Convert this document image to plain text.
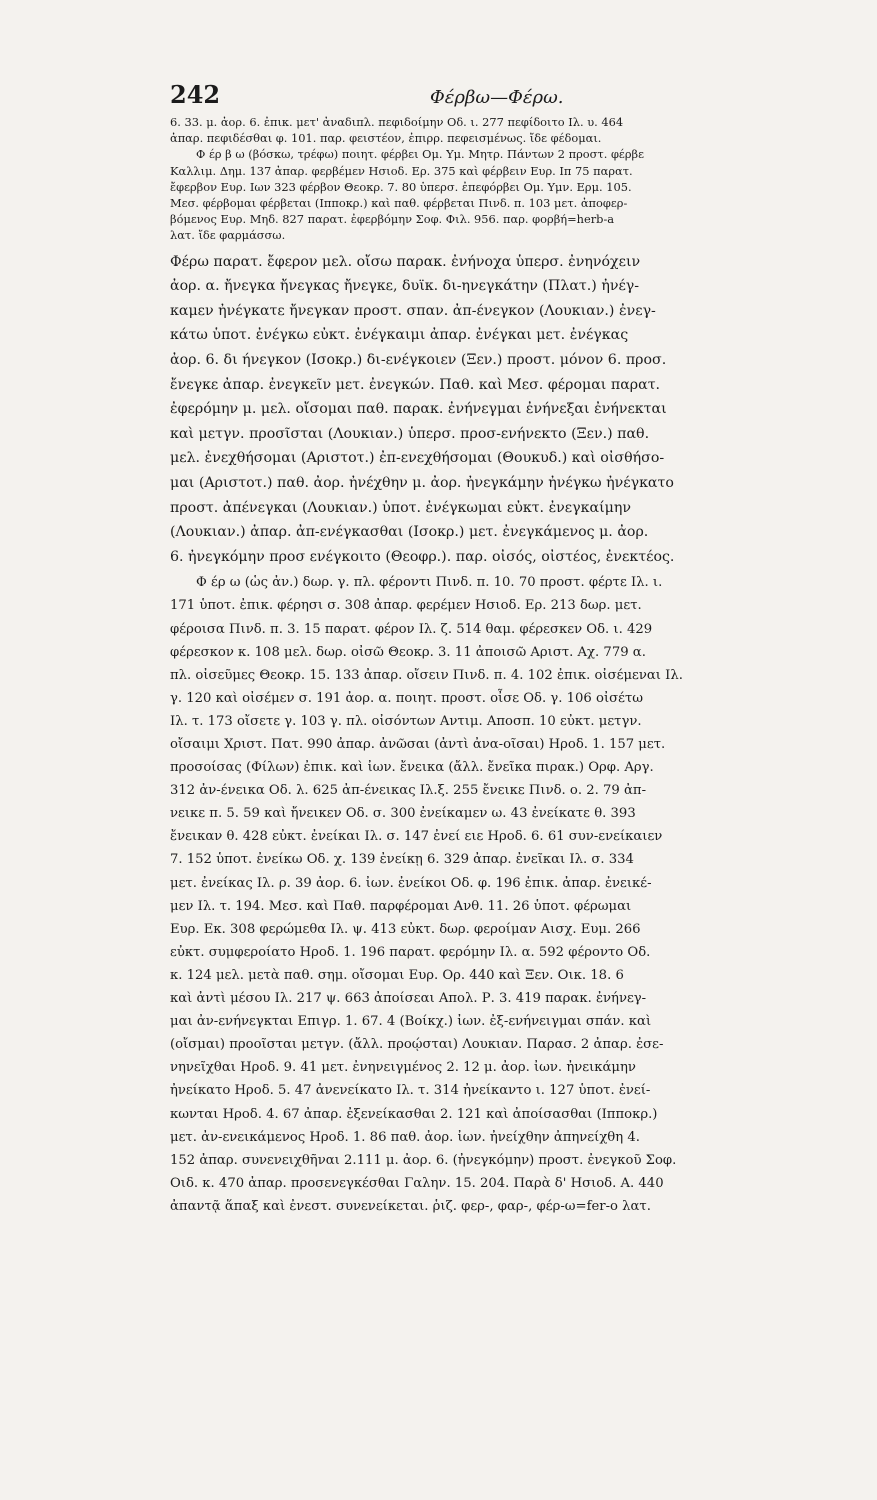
242	Φέρβω—Φέρω.
6. 33. μ. ἀορ. 6. ἐπικ. μετ' ἀναδιπλ. πεφιδοίμην Οδ. ι. 277 πεφίδοιτο Ιλ. υ. 464
ἀπαρ. πεφιδέσθαι φ. 101. παρ. φειστέον, ἐπιρρ. πεφεισμένως. ἴδε φέδομαι.
Φ έρ β ω (βόσκω, τρέφω) ποιητ. φέρβει Ομ. Υμ. Μητρ. Πάντων 2 προστ. φέρβε
Καλλιμ. Δημ. 137 ἀπαρ. φερβέμεν Ησιοδ. Ερ. 375 καὶ φέρβειν Ευρ. Ιπ 75 παρατ.
ἔφερβον Ευρ. Ιων 323 φέρβον Θεοκρ. 7. 80 ὑπερσ. ἐπεφόρβει Ομ. Υμν. Ερμ. 105.
Μεσ. φέρβομαι φέρβεται (Ιπποκρ.) καὶ παθ. φέρβεται Πινδ. π. 103 μετ. ἀποφερ-
βόμενος Ευρ. Μηδ. 827 παρατ. ἐφερβόμην Σοφ. Φιλ. 956. παρ. φορβή=herb-a
λατ. ἴδε φαρμάσσω.
Φέρω παρατ. ἔφερον μελ. οἴσω παρακ. ἐνήνοχα ὑπερσ. ἐνηνόχειν
ἀορ. α. ἤνεγκα ἤνεγκας ἤνεγκε, δυϊκ. δι-ηνεγκάτην (Πλατ.) ἠνέγ-
καμεν ἠνέγκατε ἤνεγκαν προστ. σπαν. ἀπ-ένεγκον (Λουκιαν.) ἐνεγ-
κάτω ὑποτ. ἐνέγκω εὐκτ. ἐνέγκαιμι ἀπαρ. ἐνέγκαι μετ. ἐνέγκας
ἀορ. 6. δι ήνεγκον (Ισοκρ.) δι-ενέγκοιεν (Ξεν.) προστ. μόνον 6. προσ.
ἔνεγκε ἀπαρ. ἐνεγκεῖν μετ. ἐνεγκών. Παθ. καὶ Μεσ. φέρομαι παρατ.
ἐφερόμην μ. μελ. οἴσομαι παθ. παρακ. ἐνήνεγμαι ἐνήνεξαι ἐνήνεκται
καὶ μετγν. προσῖσται (Λουκιαν.) ὑπερσ. προσ-ενήνεκτο (Ξεν.) παθ.
μελ. ἐνεχθήσομαι (Αριστοτ.) ἐπ-ενεχθήσομαι (Θουκυδ.) καὶ οἰσθήσο-
μαι (Αριστοτ.) παθ. ἀορ. ἠνέχθην μ. ἀορ. ἠνεγκάμην ἠνέγκω ἠνέγκατο
προστ. ἀπένεγκαι (Λουκιαν.) ὑποτ. ἐνέγκωμαι εὐκτ. ἐνεγκαίμην
(Λουκιαν.) ἀπαρ. ἀπ-ενέγκασθαι (Ισοκρ.) μετ. ἐνεγκάμενος μ. ἀορ.
6. ἠνεγκόμην προσ ενέγκοιτο (Θεοφρ.). παρ. οἰσός, οἰστέος, ἐνεκτέος.
Φ έρ ω (ὡς ἀν.) δωρ. γ. πλ. φέροντι Πινδ. π. 10. 70 προστ. φέρτε Ιλ. ι.
171 ὑποτ. ἐπικ. φέρησι σ. 308 ἀπαρ. φερέμεν Ησιοδ. Ερ. 213 δωρ. μετ.
φέροισα Πινδ. π. 3. 15 παρατ. φέρον Ιλ. ζ. 514 θαμ. φέρεσκεν Οδ. ι. 429
φέρεσκον κ. 108 μελ. δωρ. οἰσῶ Θεοκρ. 3. 11 ἀποισῶ Αριστ. Αχ. 779 α.
πλ. οἰσεῦμες Θεοκρ. 15. 133 ἀπαρ. οἴσειν Πινδ. π. 4. 102 ἐπικ. οἰσέμεναι Ιλ.
γ. 120 καὶ οἰσέμεν σ. 191 ἀορ. α. ποιητ. προστ. οἶσε Οδ. γ. 106 οἰσέτω
Ιλ. τ. 173 οἴσετε γ. 103 γ. πλ. οἰσόντων Αντιμ. Αποσπ. 10 εὐκτ. μετγν.
οἴσαιμι Χριστ. Πατ. 990 ἀπαρ. ἀνῶσαι (ἀντὶ ἀνα-οῖσαι) Ηροδ. 1. 157 μετ.
προσοίσας (Φίλων) ἐπικ. καὶ ἰων. ἔνεικα (ἄλλ. ἔνεῖκα πιρακ.) Ορφ. Αργ.
312 ἀν-ένεικα Οδ. λ. 625 ἀπ-ένεικας Ιλ.ξ. 255 ἔνεικε Πινδ. ο. 2. 79 ἀπ-
νεικε π. 5. 59 καὶ ἤνεικεν Οδ. σ. 300 ἐνείκαμεν ω. 43 ἐνείκατε θ. 393
ἔνεικαν θ. 428 εὐκτ. ἐνείκαι Ιλ. σ. 147 ἐνεί ειε Ηροδ. 6. 61 συν-ενείκαιεν
7. 152 ὑποτ. ἐνείκω Οδ. χ. 139 ἐνείκῃ 6. 329 ἀπαρ. ἐνεῖκαι Ιλ. σ. 334
μετ. ἐνείκας Ιλ. ρ. 39 ἀορ. 6. ἰων. ἐνείκοι Οδ. φ. 196 ἐπικ. ἀπαρ. ἐνεικέ-
μεν Ιλ. τ. 194. Μεσ. καὶ Παθ. παρφέρομαι Ανθ. 11. 26 ὑποτ. φέρωμαι
Ευρ. Εκ. 308 φερώμεθα Ιλ. ψ. 413 εὐκτ. δωρ. φεροίμαν Αισχ. Ευμ. 266
εὐκτ. συμφεροίατο Ηροδ. 1. 196 παρατ. φερόμην Ιλ. α. 592 φέροντο Οδ.
κ. 124 μελ. μετὰ παθ. σημ. οἴσομαι Ευρ. Ορ. 440 καὶ Ξεν. Οικ. 18. 6
καὶ ἀντὶ μέσου Ιλ. 217 ψ. 663 ἀποίσεαι Απολ. Ρ. 3. 419 παρακ. ἐνήνεγ-
μαι ἀν-ενήνεγκται Επιγρ. 1. 67. 4 (Βοίκχ.) ἰων. ἐξ-ενήνειγμαι σπάν. καὶ
(οἴσμαι) προοῖσται μετγν. (ἄλλ. προῴσται) Λουκιαν. Παρασ. 2 ἀπαρ. ἐσε-
νηνεῖχθαι Ηροδ. 9. 41 μετ. ἐνηνειγμένος 2. 12 μ. ἀορ. ἰων. ἠνεικάμην
ἠνείκατο Ηροδ. 5. 47 ἀνενείκατο Ιλ. τ. 314 ἠνείκαντο ι. 127 ὑποτ. ἐνεί-
κωνται Ηροδ. 4. 67 ἀπαρ. ἐξενείκασθαι 2. 121 καὶ ἀποίσασθαι (Ιπποκρ.)
μετ. ἀν-ενεικάμενος Ηροδ. 1. 86 παθ. ἀορ. ἰων. ἠνείχθην ἀπηνείχθη 4.
152 ἀπαρ. συνενειχθῆναι 2.111 μ. ἀορ. 6. (ἠνεγκόμην) προστ. ἐνεγκοῦ Σοφ.
Οιδ. κ. 470 ἀπαρ. προσενεγκέσθαι Γαλην. 15. 204. Παρὰ δ' Ησιοδ. Α. 440
ἀπαντᾷ ἅπαξ καὶ ἐνεστ. συνενείκεται. ῥιζ. φερ-, φαρ-, φέρ-ω=fer-o λατ.
